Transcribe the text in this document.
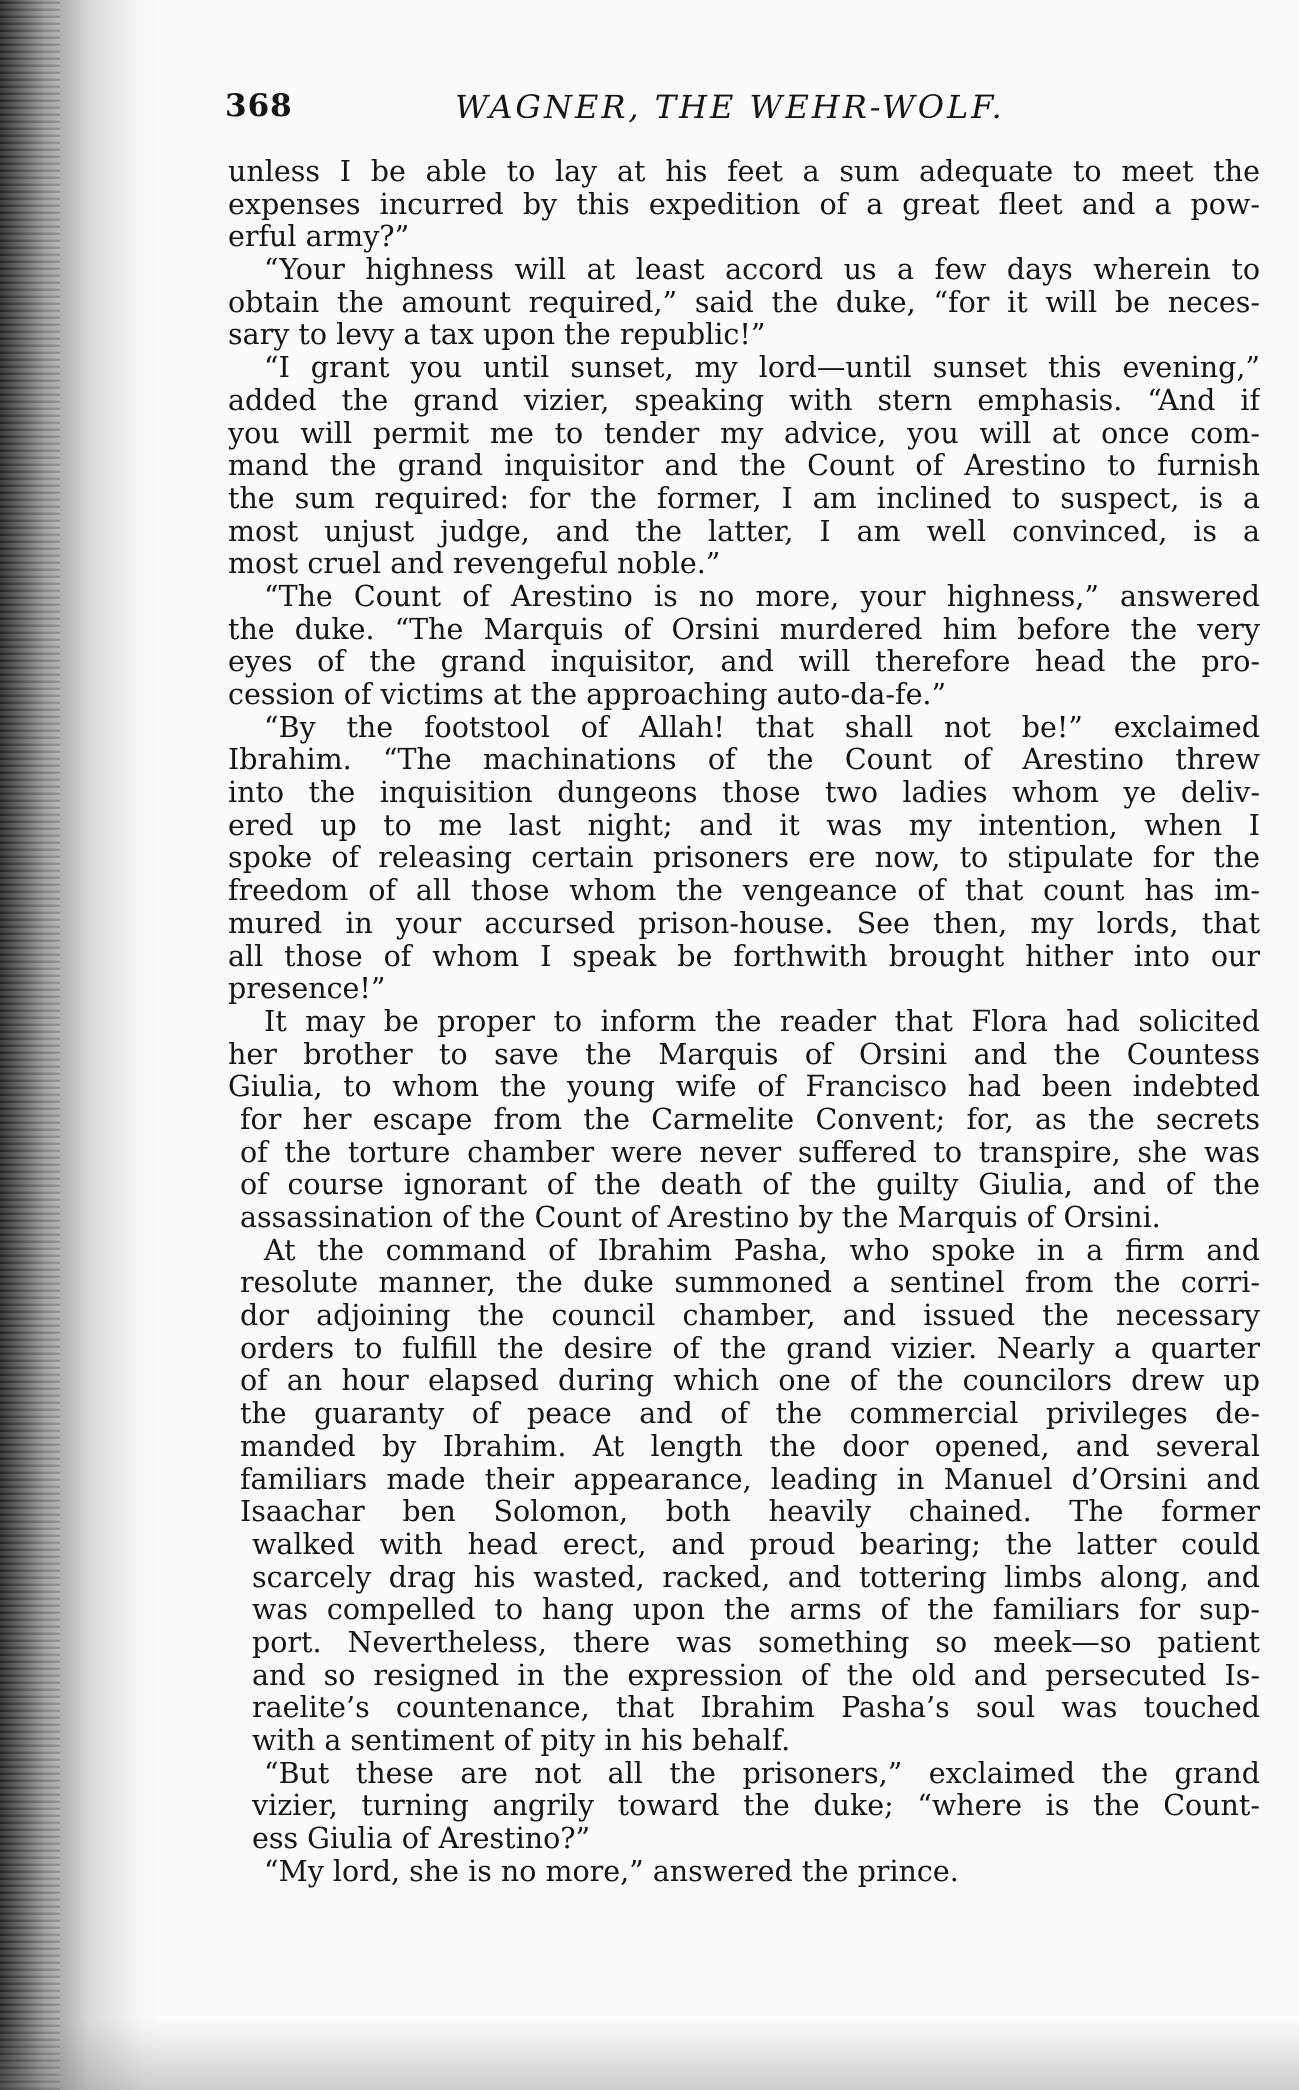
368	WAGNER, THE WEHR-WOLF.
unless I be able to lay at his feet a sum adequate to meet the
expenses incurred by this expedition of a great fleet and a pow-
erful army?”
“Your highness will at least accord us a few days wherein to
obtain the amount required,” said the duke, “for it will be neces-
sary to levy a tax upon the republic!”
“I grant you until sunset, my lord—until sunset this evening,”
added the grand vizier, speaking with stern emphasis. “And if
you will permit me to tender my advice, you will at once com-
mand the grand inquisitor and the Count of Arestino to furnish
the sum required: for the former, I am inclined to suspect, is a
most unjust judge, and the latter, I am well convinced, is a
most cruel and revengeful noble.”
“The Count of Arestino is no more, your highness,” answered
the duke. “The Marquis of Orsini murdered him before the very
eyes of the grand inquisitor, and will therefore head the pro-
cession of victims at the approaching auto-da-fe.”
“By the footstool of Allah! that shall not be!” exclaimed
Ibrahim. “The machinations of the Count of Arestino threw
into the inquisition dungeons those two ladies whom ye deliv-
ered up to me last night; and it was my intention, when I
spoke of releasing certain prisoners ere now, to stipulate for the
freedom of all those whom the vengeance of that count has im-
mured in your accursed prison-house. See then, my lords, that
all those of whom I speak be forthwith brought hither into our
presence!”
It may be proper to inform the reader that Flora had solicited
her brother to save the Marquis of Orsini and the Countess
Giulia, to whom the young wife of Francisco had been indebted
for her escape from the Carmelite Convent; for, as the secrets
of the torture chamber were never suffered to transpire, she was
of course ignorant of the death of the guilty Giulia, and of the
assassination of the Count of Arestino by the Marquis of Orsini.
At the command of Ibrahim Pasha, who spoke in a firm and
resolute manner, the duke summoned a sentinel from the corri-
dor adjoining the council chamber, and issued the necessary
orders to fulfill the desire of the grand vizier. Nearly a quarter
of an hour elapsed during which one of the councilors drew up
the guaranty of peace and of the commercial privileges de-
manded by Ibrahim. At length the door opened, and several
familiars made their appearance, leading in Manuel d’Orsini and
Isaachar ben Solomon, both heavily chained. The former
walked with head erect, and proud bearing; the latter could
scarcely drag his wasted, racked, and tottering limbs along, and
was compelled to hang upon the arms of the familiars for sup-
port. Nevertheless, there was something so meek—so patient
and so resigned in the expression of the old and persecuted Is-
raelite’s countenance, that Ibrahim Pasha’s soul was touched
with a sentiment of pity in his behalf.
“But these are not all the prisoners,” exclaimed the grand
vizier, turning angrily toward the duke; “where is the Count-
ess Giulia of Arestino?”
“My lord, she is no more,” answered the prince.
